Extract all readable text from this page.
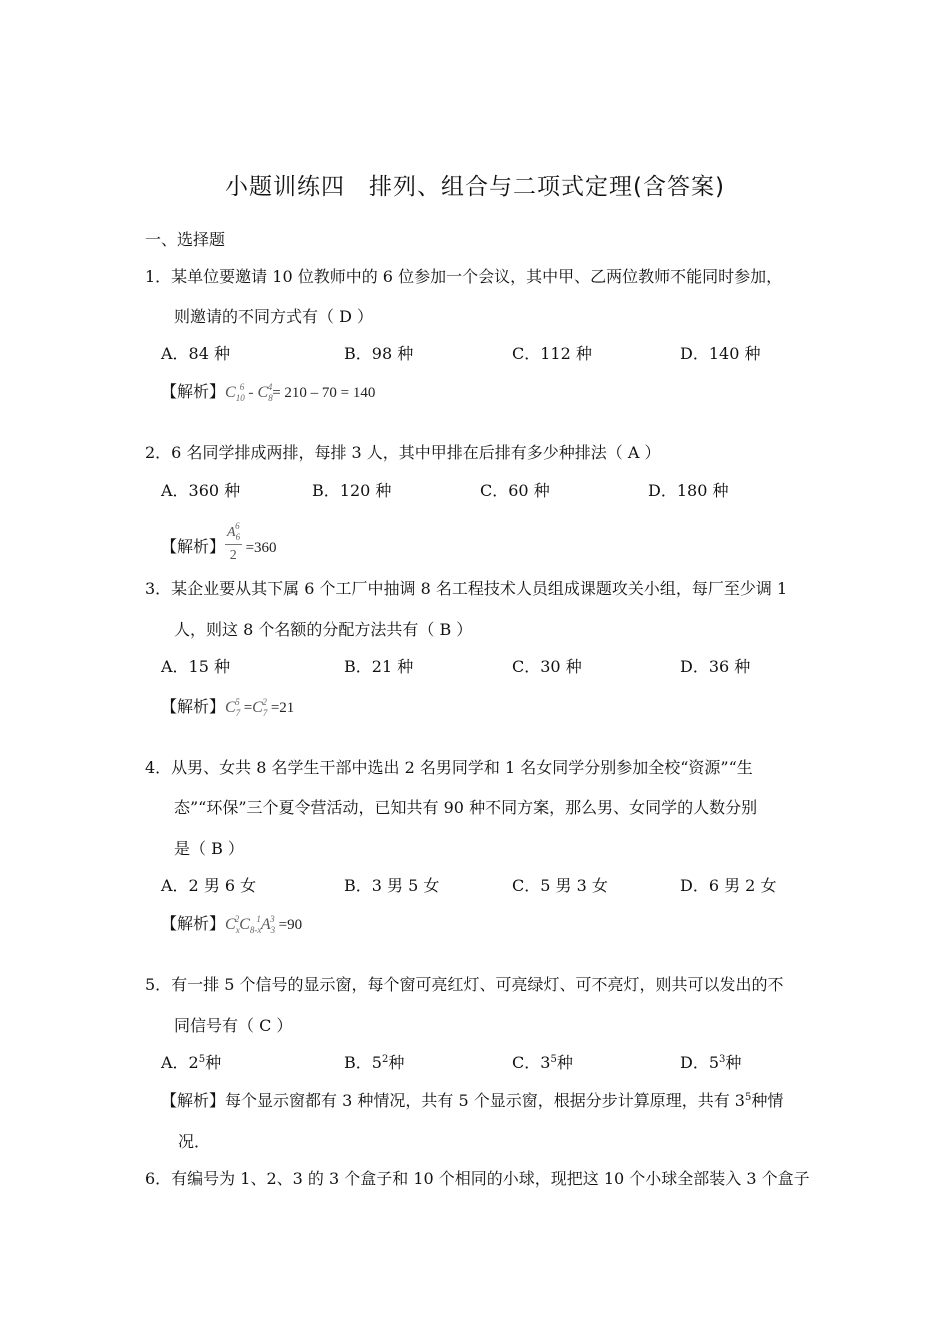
小题训练四　排列、组合与二项式定理(含答案)
一、选择题
1．某单位要邀请 10 位教师中的 6 位参加一个会议，其中甲、乙两位教师不能同时参加，
则邀请的不同方式有（ D ）
A．84 种	B．98 种	C．112 种	D．140 种
【解析】$C_{10}^6 - C_8^4= 210 - 70 = 140$
2．6 名同学排成两排，每排 3 人，其中甲排在后排有多少种排法（ A ）
A．360 种	B．120 种	C．60 种	D．180 种
【解析】 $\frac{A_6^6}{2} =360$
3．某企业要从其下属 6 个工厂中抽调 8 名工程技术人员组成课题攻关小组，每厂至少调 1
人，则这 8 个名额的分配方法共有（ B ）
A．15 种	B．21 种	C．30 种	D．36 种
【解析】$C_7^5 =C_7^2 =21$
4．从男、女共 8 名学生干部中选出 2 名男同学和 1 名女同学分别参加全校“资源”“生
态”“环保”三个夏令营活动，已知共有 90 种不同方案，那么男、女同学的人数分别
是（ B ）
A．2 男 6 女	B．3 男 5 女	C．5 男 3 女	D．6 男 2 女
【解析】$C_x^2C_{8-x}^1A_3^3 =90$
5．有一排 5 个信号的显示窗，每个窗可亮红灯、可亮绿灯、可不亮灯，则共可以发出的不
同信号有（ C ）
A．$2^5$种	B．$5^2$种	C．$3^5$种	D．$5^3$种
【解析】每个显示窗都有 3 种情况，共有 5 个显示窗，根据分步计算原理，共有 $3^5$种情
况．
6．有编号为 1、2、3 的 3 个盒子和 10 个相同的小球，现把这 10 个小球全部装入 3 个盒子
